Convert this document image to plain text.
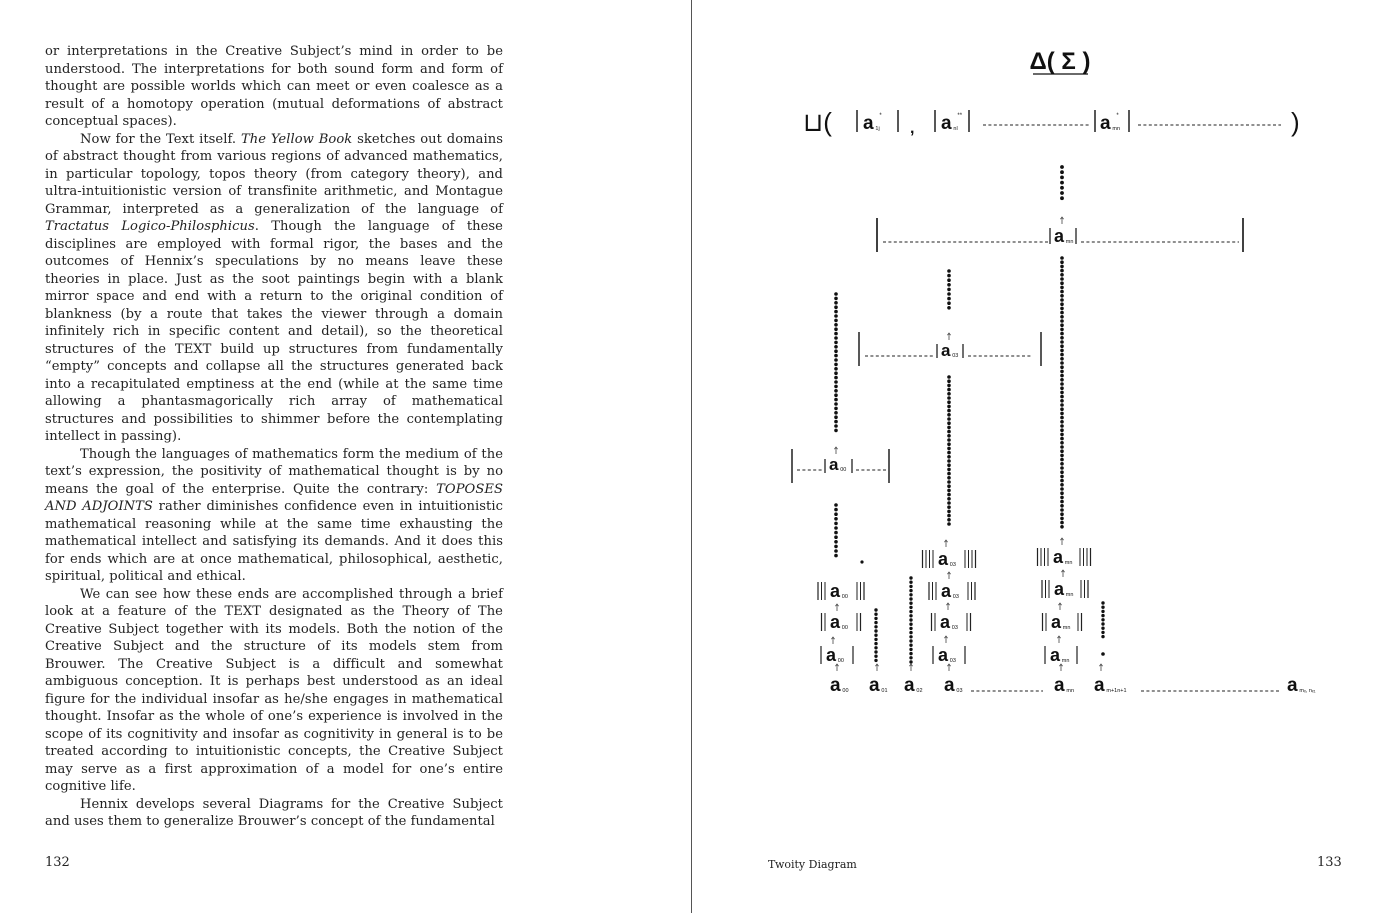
or interpretations in the Creative Subject’s mind in order to be understood. The interpretations for both sound form and form of thought are possible worlds which can meet or even coalesce as a result of a homotopy operation (mutual deformations of abstract conceptual spaces).

Now for the Text itself. The Yellow Book sketches out domains of abstract thought from various regions of advanced mathematics, in particular topology, topos theory (from category theory), and ultra-intuitionistic version of transfinite arithmetic, and Montague Grammar, interpreted as a generalization of the language of Tractatus Logico-Philosphicus. Though the language of these disciplines are employed with formal rigor, the bases and the outcomes of Hennix’s speculations by no means leave these theories in place. Just as the soot paintings begin with a blank mirror space and end with a return to the original condition of blankness (by a route that takes the viewer through a domain infinitely rich in specific content and detail), so the theoretical structures of the TEXT build up structures from fundamentally “empty” concepts and collapse all the structures generated back into a recapitulated emptiness at the end (while at the same time allowing a phantasmagorically rich array of mathematical structures and possibilities to shimmer before the contemplating intellect in passing).

Though the languages of mathematics form the medium of the text’s expression, the positivity of mathematical thought is by no means the goal of the enterprise. Quite the contrary: TOPOSES AND ADJOINTS rather diminishes confidence even in intuitionistic mathematical reasoning while at the same time exhausting the mathematical intellect and satisfying its demands. And it does this for ends which are at once mathematical, philosophical, aesthetic, spiritual, political and ethical.

We can see how these ends are accomplished through a brief look at a feature of the TEXT designated as the Theory of The Creative Subject together with its models. Both the notion of the Creative Subject and the structure of its models stem from Brouwer. The Creative Subject is a difficult and somewhat ambiguous conception. It is perhaps best understood as an ideal figure for the individual insofar as he/she engages in mathematical thought. Insofar as the whole of one’s experience is involved in the scope of its cognitivity and insofar as cognitivity in general is to be treated according to intuitionistic concepts, the Creative Subject may serve as a first approximation of a model for one’s entire cognitive life.

Hennix develops several Diagrams for the Creative Subject and uses them to generalize Brouwer’s concept of the fundamental

132
Δ( Σ )
⊔( a 1j
*
, a nl
**	a mn
*	)
a mn
a 03
a 00
a 00
a 00
a 00
a 03
a 03
a 03
a 03
a mn
a mn
a mn
a mn
a 00 a 01 a 02 a 03	a mn a m+1n+1	a mₓ, nₓ₁
Twoity Diagram	133
